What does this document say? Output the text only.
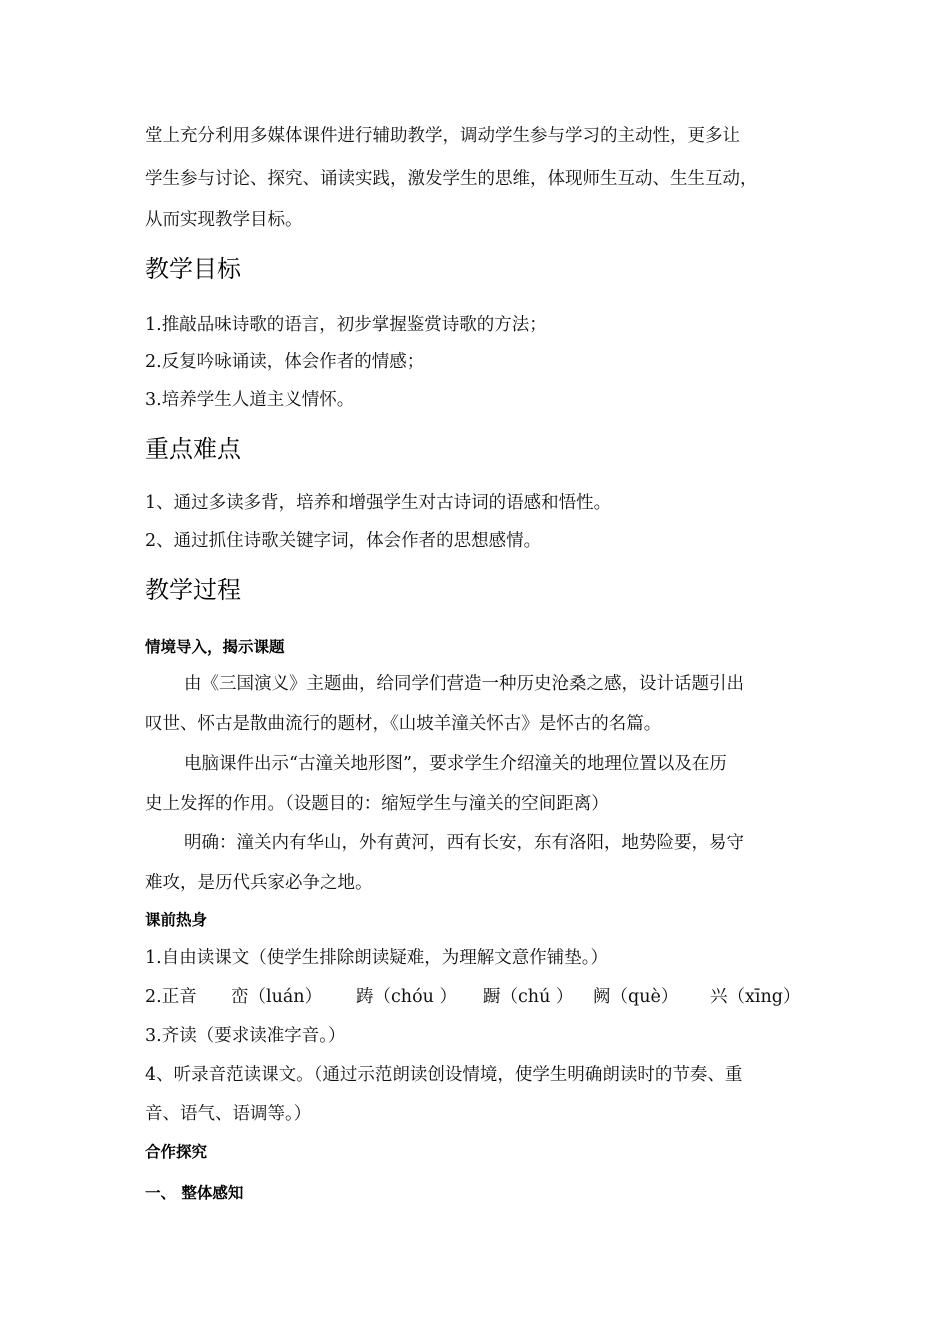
堂上充分利用多媒体课件进行辅助教学，调动学生参与学习的主动性，更多让
学生参与讨论、探究、诵读实践，激发学生的思维，体现师生互动、生生互动，
从而实现教学目标。
教学目标
1.推敲品味诗歌的语言，初步掌握鉴赏诗歌的方法；
2.反复吟咏诵读，体会作者的情感；
3.培养学生人道主义情怀。
重点难点
1、通过多读多背，培养和增强学生对古诗词的语感和悟性。
2、通过抓住诗歌关键字词，体会作者的思想感情。
教学过程
情境导入，揭示课题
由《三国演义》主题曲，给同学们营造一种历史沧桑之感，设计话题引出
叹世、怀古是散曲流行的题材，《山坡羊潼关怀古》是怀古的名篇。
电脑课件出示“古潼关地形图”，要求学生介绍潼关的地理位置以及在历
史上发挥的作用。（设题目的：缩短学生与潼关的空间距离）
明确：潼关内有华山，外有黄河，西有长安，东有洛阳，地势险要，易守
难攻，是历代兵家必争之地。
课前热身
1.自由读课文（使学生排除朗读疑难，为理解文意作铺垫。）
2.正音 峦（luán） 踌（chóu ） 蹰（chú ） 阙（què） 兴（xīng）
3.齐读（要求读准字音。）
4、听录音范读课文。（通过示范朗读创设情境，使学生明确朗读时的节奏、重
音、语气、语调等。）
合作探究
一、 整体感知
